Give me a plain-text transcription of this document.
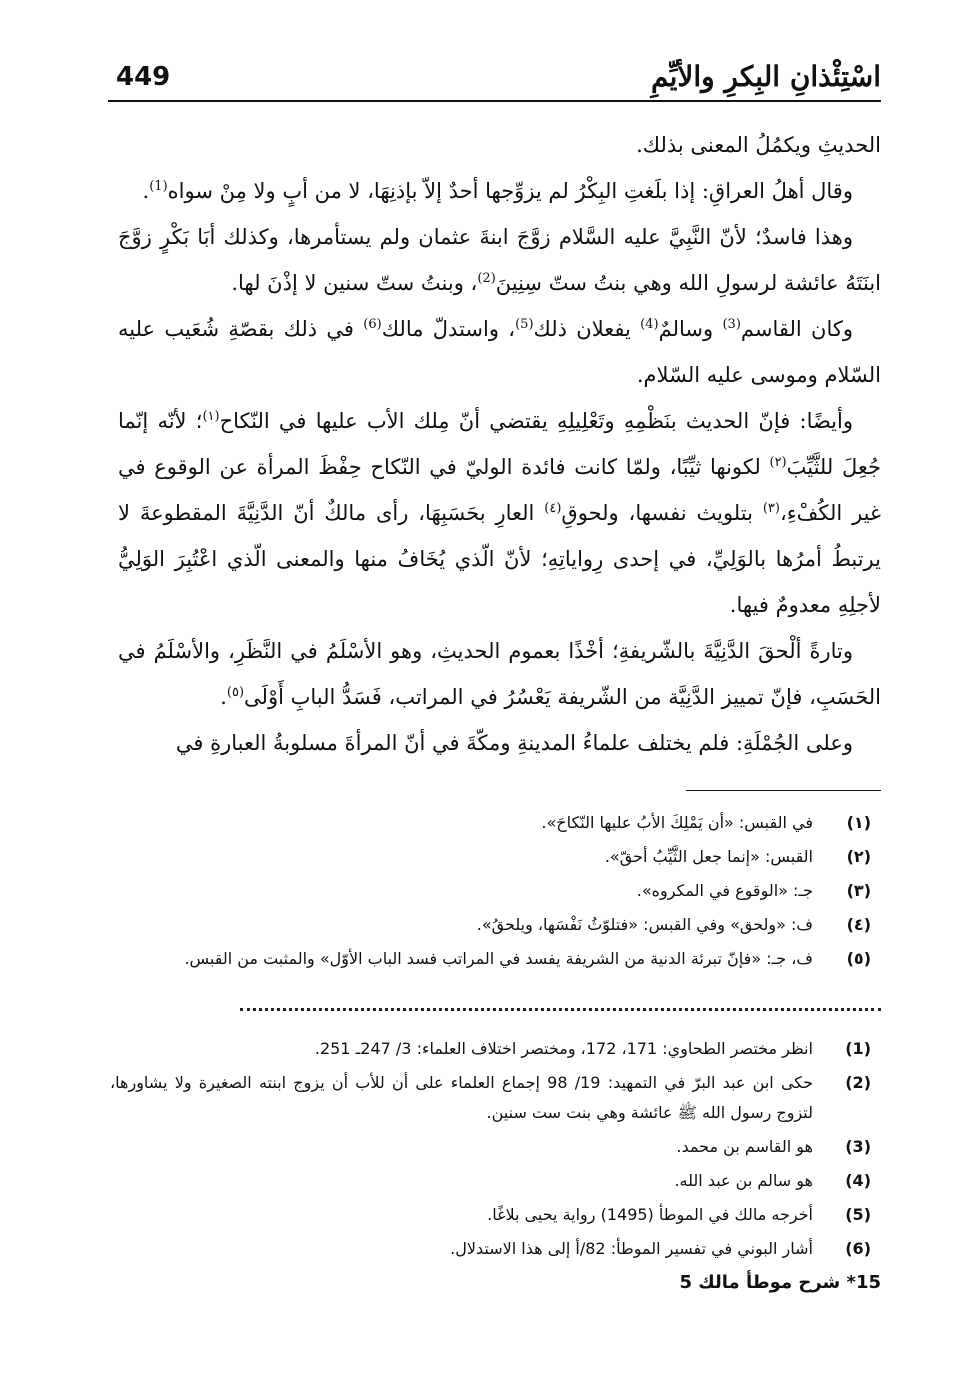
449	اسْتِئْذانِ البِكرِ والأيِّمِ

الحديثِ ويكمُلُ المعنى بذلك.

وقال أهلُ العراقِ: إذا بلَغتِ البِكْرُ لم يزوِّجها أحدٌ إلاّ بإذنِهَا، لا من أبٍ ولا مِنْ سواه$^{(1)}$.

وهذا فاسدٌ؛ لأنّ النَّبِيَّ عليه السَّلام زوَّجَ ابنةَ عثمان ولم يستأمرها، وكذلك أبَا بَكْرٍ زوَّجَ ابنَتَهُ عائشة لرسولِ الله وهي بنتُ ستّ سِنِينَ$^{(2)}$، وبنتُ ستّ سنين لا إذْنَ لها.

وكان القاسم$^{(3)}$ وسالمٌ$^{(4)}$ يفعلان ذلك$^{(5)}$، واستدلّ مالك$^{(6)}$ في ذلك بقصّةِ شُعَيب عليه السّلام وموسى عليه السّلام.

وأيضًا: فإنّ الحديث بنَظْمِهِ وتَعْلِيلِهِ يقتضي أنّ مِلك الأب عليها في النّكاح$^{(١)}$؛ لأنّه إنّما جُعِلَ للثَّيِّبَ$^{(٢)}$ لكونها ثيِّبًا، ولمّا كانت فائدة الوليّ في النّكاح حِفْظَ المرأة عن الوقوع في غير الكُفْءِ،$^{(٣)}$ بتلويث نفسها، ولحوقِ$^{(٤)}$ العارِ بحَسَبِهَا، رأى مالكٌ أنّ الدَّنِيَّةَ المقطوعةَ لا يرتبطُ أمرُها بالوَلِيِّ، في إحدى رِواياتِهِ؛ لأنّ الّذي يُخَافُ منها والمعنى الّذي اعْتُبِرَ الوَلِيُّ لأجلِهِ معدومٌ فيها.

وتارةً ألْحقَ الدَّنِيَّةَ بالشّريفةِ؛ أخْذًا بعموم الحديثِ، وهو الأسْلَمُ في النَّظَرِ، والأسْلَمُ في الحَسَبِ، فإنّ تمييز الدَّنِيَّة من الشّريفة يَعْسُرُ في المراتب، فَسَدُّ البابِ أَوْلَى$^{(٥)}$.

وعلى الجُمْلَةِ: فلم يختلف علماءُ المدينةِ ومكّةَ في أنّ المرأةَ مسلوبةُ العبارةِ في

(١)
في القبس: «أن يَمْلِكَ الأبُ عليها النّكاحَ».
(٢)
القبس: «إنما جعل الثَّيِّبُ أحقّ».
(٣)
جـ: «الوقوع في المكروه».
(٤)
ف: «ولحق» وفي القبس: «فتلوّثُ نَفْسَها، ويلحقُ».
(٥)
ف، جـ: «فإنّ تبرئة الدنية من الشريفة يفسد في المراتب فسد الباب الأوّل» والمثبت من القبس.
(1)
انظر مختصر الطحاوي: 171، 172، ومختصر اختلاف العلماء: 3/ 247ـ 251.
(2)
حكى ابن عبد البرّ في التمهيد: 19/ 98 إجماع العلماء على أن للأب أن يزوج ابنته الصغيرة ولا يشاورها، لتزوج رسول الله ﷺ عائشة وهي بنت ست سنين.
(3)
هو القاسم بن محمد.
(4)
هو سالم بن عبد الله.
(5)
أخرجه مالك في الموطأ (1495) رواية يحيى بلاغًا.
(6)
أشار البوني في تفسير الموطأ: 82/أ إلى هذا الاستدلال.
15* شرح موطأ مالك 5
